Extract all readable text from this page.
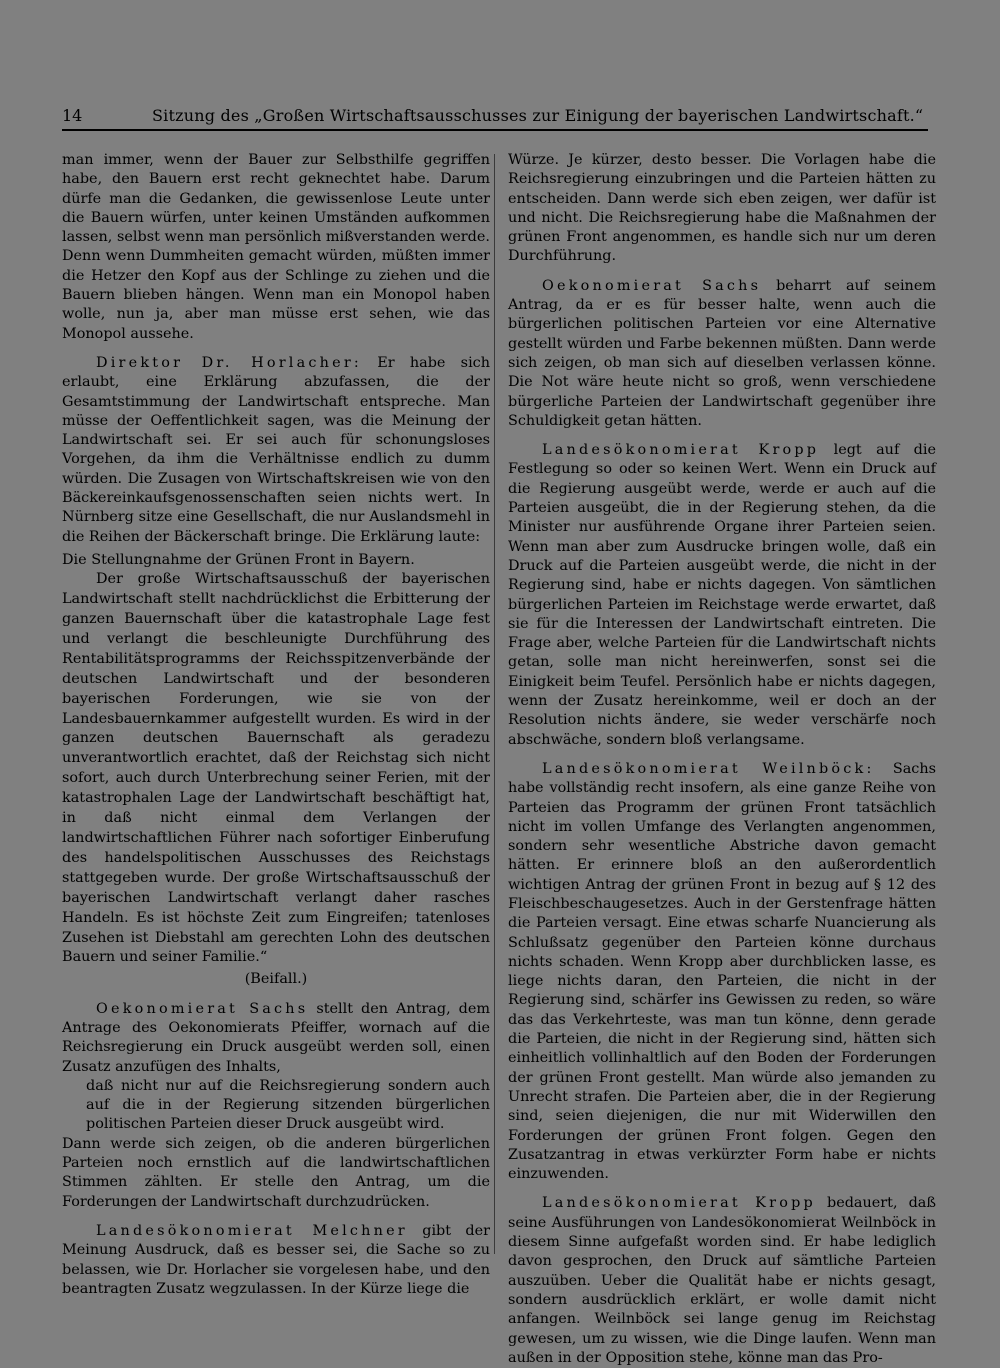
14	Sitzung des „Großen Wirtschaftsausschusses zur Einigung der bayerischen Landwirtschaft.“

man immer, wenn der Bauer zur Selbsthilfe gegriffen habe, den Bauern erst recht geknechtet habe. Darum dürfe man die Gedanken, die gewissenlose Leute unter die Bauern würfen, unter keinen Umständen aufkommen lassen, selbst wenn man persönlich mißverstanden werde. Denn wenn Dummheiten gemacht würden, müßten immer die Hetzer den Kopf aus der Schlinge zu ziehen und die Bauern blieben hängen. Wenn man ein Monopol haben wolle, nun ja, aber man müsse erst sehen, wie das Monopol aussehe.

Direktor Dr. Horlacher: Er habe sich erlaubt, eine Erklärung abzufassen, die der Gesamtstimmung der Landwirtschaft entspreche. Man müsse der Oeffentlichkeit sagen, was die Meinung der Landwirtschaft sei. Er sei auch für schonungsloses Vorgehen, da ihm die Verhältnisse endlich zu dumm würden. Die Zusagen von Wirtschaftskreisen wie von den Bäckereinkaufsgenossenschaften seien nichts wert. In Nürnberg sitze eine Gesellschaft, die nur Auslandsmehl in die Reihen der Bäckerschaft bringe. Die Erklärung laute:

Die Stellungnahme der Grünen Front in Bayern.

Der große Wirtschaftsausschuß der bayerischen Landwirtschaft stellt nachdrücklichst die Erbitterung der ganzen Bauernschaft über die katastrophale Lage fest und verlangt die beschleunigte Durchführung des Rentabilitätsprogramms der Reichsspitzenverbände der deutschen Landwirtschaft und der besonderen bayerischen Forderungen, wie sie von der Landesbauernkammer aufgestellt wurden. Es wird in der ganzen deutschen Bauernschaft als geradezu unverantwortlich erachtet, daß der Reichstag sich nicht sofort, auch durch Unterbrechung seiner Ferien, mit der katastrophalen Lage der Landwirtschaft beschäftigt hat, in daß nicht einmal dem Verlangen der landwirtschaftlichen Führer nach sofortiger Einberufung des handelspolitischen Ausschusses des Reichstags stattgegeben wurde. Der große Wirtschaftsausschuß der bayerischen Landwirtschaft verlangt daher rasches Handeln. Es ist höchste Zeit zum Eingreifen; tatenloses Zusehen ist Diebstahl am gerechten Lohn des deutschen Bauern und seiner Familie.“

(Beifall.)

Oekonomierat Sachs stellt den Antrag, dem Antrage des Oekonomierats Pfeiffer, wornach auf die Reichsregierung ein Druck ausgeübt werden soll, einen Zusatz anzufügen des Inhalts,

daß nicht nur auf die Reichsregierung sondern auch auf die in der Regierung sitzenden bürgerlichen politischen Parteien dieser Druck ausgeübt wird.

Dann werde sich zeigen, ob die anderen bürgerlichen Parteien noch ernstlich auf die landwirtschaftlichen Stimmen zählten. Er stelle den Antrag, um die Forderungen der Landwirtschaft durchzudrücken.

Landesökonomierat Melchner gibt der Meinung Ausdruck, daß es besser sei, die Sache so zu belassen, wie Dr. Horlacher sie vorgelesen habe, und den beantragten Zusatz wegzulassen. In der Kürze liege die

Würze. Je kürzer, desto besser. Die Vorlagen habe die Reichsregierung einzubringen und die Parteien hätten zu entscheiden. Dann werde sich eben zeigen, wer dafür ist und nicht. Die Reichsregierung habe die Maßnahmen der grünen Front angenommen, es handle sich nur um deren Durchführung.

Oekonomierat Sachs beharrt auf seinem Antrag, da er es für besser halte, wenn auch die bürgerlichen politischen Parteien vor eine Alternative gestellt würden und Farbe bekennen müßten. Dann werde sich zeigen, ob man sich auf dieselben verlassen könne. Die Not wäre heute nicht so groß, wenn verschiedene bürgerliche Parteien der Landwirtschaft gegenüber ihre Schuldigkeit getan hätten.

Landesökonomierat Kropp legt auf die Festlegung so oder so keinen Wert. Wenn ein Druck auf die Regierung ausgeübt werde, werde er auch auf die Parteien ausgeübt, die in der Regierung stehen, da die Minister nur ausführende Organe ihrer Parteien seien. Wenn man aber zum Ausdrucke bringen wolle, daß ein Druck auf die Parteien ausgeübt werde, die nicht in der Regierung sind, habe er nichts dagegen. Von sämtlichen bürgerlichen Parteien im Reichstage werde erwartet, daß sie für die Interessen der Landwirtschaft eintreten. Die Frage aber, welche Parteien für die Landwirtschaft nichts getan, solle man nicht hereinwerfen, sonst sei die Einigkeit beim Teufel. Persönlich habe er nichts dagegen, wenn der Zusatz hereinkomme, weil er doch an der Resolution nichts ändere, sie weder verschärfe noch abschwäche, sondern bloß verlangsame.

Landesökonomierat Weilnböck: Sachs habe vollständig recht insofern, als eine ganze Reihe von Parteien das Programm der grünen Front tatsächlich nicht im vollen Umfange des Verlangten angenommen, sondern sehr wesentliche Abstriche davon gemacht hätten. Er erinnere bloß an den außerordentlich wichtigen Antrag der grünen Front in bezug auf § 12 des Fleischbeschaugesetzes. Auch in der Gerstenfrage hätten die Parteien versagt. Eine etwas scharfe Nuancierung als Schlußsatz gegenüber den Parteien könne durchaus nichts schaden. Wenn Kropp aber durchblicken lasse, es liege nichts daran, den Parteien, die nicht in der Regierung sind, schärfer ins Gewissen zu reden, so wäre das das Verkehrteste, was man tun könne, denn gerade die Parteien, die nicht in der Regierung sind, hätten sich einheitlich vollinhaltlich auf den Boden der Forderungen der grünen Front gestellt. Man würde also jemanden zu Unrecht strafen. Die Parteien aber, die in der Regierung sind, seien diejenigen, die nur mit Widerwillen den Forderungen der grünen Front folgen. Gegen den Zusatzantrag in etwas verkürzter Form habe er nichts einzuwenden.

Landesökonomierat Kropp bedauert, daß seine Ausführungen von Landesökonomierat Weilnböck in diesem Sinne aufgefaßt worden sind. Er habe lediglich davon gesprochen, den Druck auf sämtliche Parteien auszuüben. Ueber die Qualität habe er nichts gesagt, sondern ausdrücklich erklärt, er wolle damit nicht anfangen. Weilnböck sei lange genug im Reichstag gewesen, um zu wissen, wie die Dinge laufen. Wenn man außen in der Opposition stehe, könne man das Pro-
